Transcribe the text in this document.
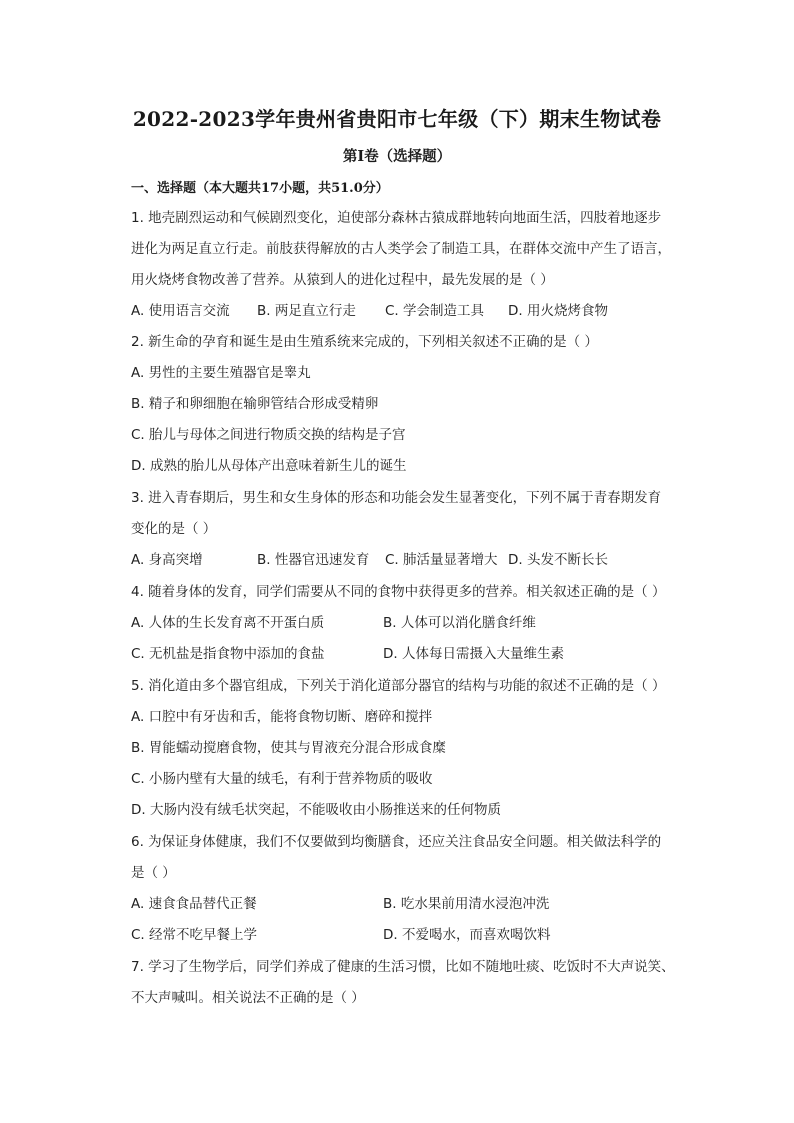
2022-2023学年贵州省贵阳市七年级（下）期末生物试卷
第I卷（选择题）
一、选择题（本大题共17小题，共51.0分）
1. 地壳剧烈运动和气候剧烈变化，迫使部分森林古猿成群地转向地面生活，四肢着地逐步
进化为两足直立行走。前肢获得解放的古人类学会了制造工具，在群体交流中产生了语言，
用火烧烤食物改善了营养。从猿到人的进化过程中，最先发展的是（ ）
A. 使用语言交流 B. 两足直立行走 C. 学会制造工具 D. 用火烧烤食物
2. 新生命的孕育和诞生是由生殖系统来完成的，下列相关叙述不正确的是（ ）
A. 男性的主要生殖器官是睾丸
B. 精子和卵细胞在输卵管结合形成受精卵
C. 胎儿与母体之间进行物质交换的结构是子宫
D. 成熟的胎儿从母体产出意味着新生儿的诞生
3. 进入青春期后，男生和女生身体的形态和功能会发生显著变化，下列不属于青春期发育
变化的是（ ）
A. 身高突增	B. 性器官迅速发育 C. 肺活量显著增大 D. 头发不断长长
4. 随着身体的发育，同学们需要从不同的食物中获得更多的营养。相关叙述正确的是（ ）
A. 人体的生长发育离不开蛋白质	B. 人体可以消化膳食纤维
C. 无机盐是指食物中添加的食盐	D. 人体每日需摄入大量维生素
5. 消化道由多个器官组成，下列关于消化道部分器官的结构与功能的叙述不正确的是（ ）
A. 口腔中有牙齿和舌，能将食物切断、磨碎和搅拌
B. 胃能蠕动搅磨食物，使其与胃液充分混合形成食糜
C. 小肠内壁有大量的绒毛，有利于营养物质的吸收
D. 大肠内没有绒毛状突起，不能吸收由小肠推送来的任何物质
6. 为保证身体健康，我们不仅要做到均衡膳食，还应关注食品安全问题。相关做法科学的
是（ ）
A. 速食食品替代正餐	B. 吃水果前用清水浸泡冲洗
C. 经常不吃早餐上学	D. 不爱喝水，而喜欢喝饮料
7. 学习了生物学后，同学们养成了健康的生活习惯，比如不随地吐痰、吃饭时不大声说笑、
不大声喊叫。相关说法不正确的是（ ）
